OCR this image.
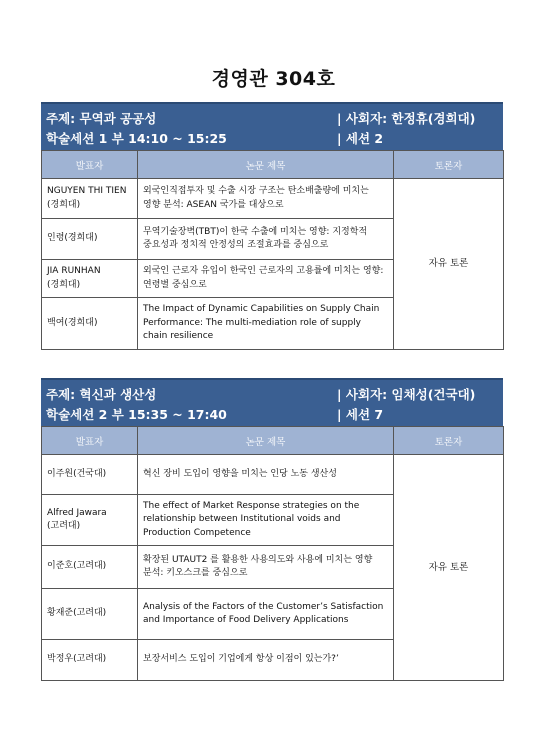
경영관 304호
주제: 무역과 공공성
학술세션 1 부 14:10 ~ 15:25
| 사회자: 한정휴(경희대)
| 세션 2
발표자	논문 제목	토론자
NGUYEN THI TIEN (경희대)	외국인직접투자 및 수출 시장 구조는 탄소배출량에 미치는 영향 분석: ASEAN 국가를 대상으로	자유 토론
인령(경희대)	무역기술장벽(TBT)이 한국 수출에 미치는 영향: 지정학적 중요성과 정치적 안정성의 조절효과를 중심으로	
JIA RUNHAN (경희대)	외국인 근로자 유입이 한국인 근로자의 고용률에 미치는 영향: 연령별 중심으로	
백여(경희대)	The Impact of Dynamic Capabilities on Supply Chain Performance: The multi-mediation role of supply chain resilience	
주제: 혁신과 생산성
학술세션 2 부 15:35 ~ 17:40
| 사회자: 임채성(건국대)
| 세션 7
발표자	논문 제목	토론자
이주원(건국대)	혁신 장비 도입이 영향을 미치는 인당 노동 생산성	자유 토론
Alfred Jawara (고려대)	The effect of Market Response strategies on the relationship between Institutional voids and Production Competence	
이준호(고려대)	확장된 UTAUT2 를 활용한 사용의도와 사용에 미치는 영향 분석: 키오스크를 중심으로	
황재준(고려대)	Analysis of the Factors of the Customer’s Satisfaction and Importance of Food Delivery Applications	
박정우(고려대)	보장서비스 도입이 기업에게 항상 이점이 있는가?’	
